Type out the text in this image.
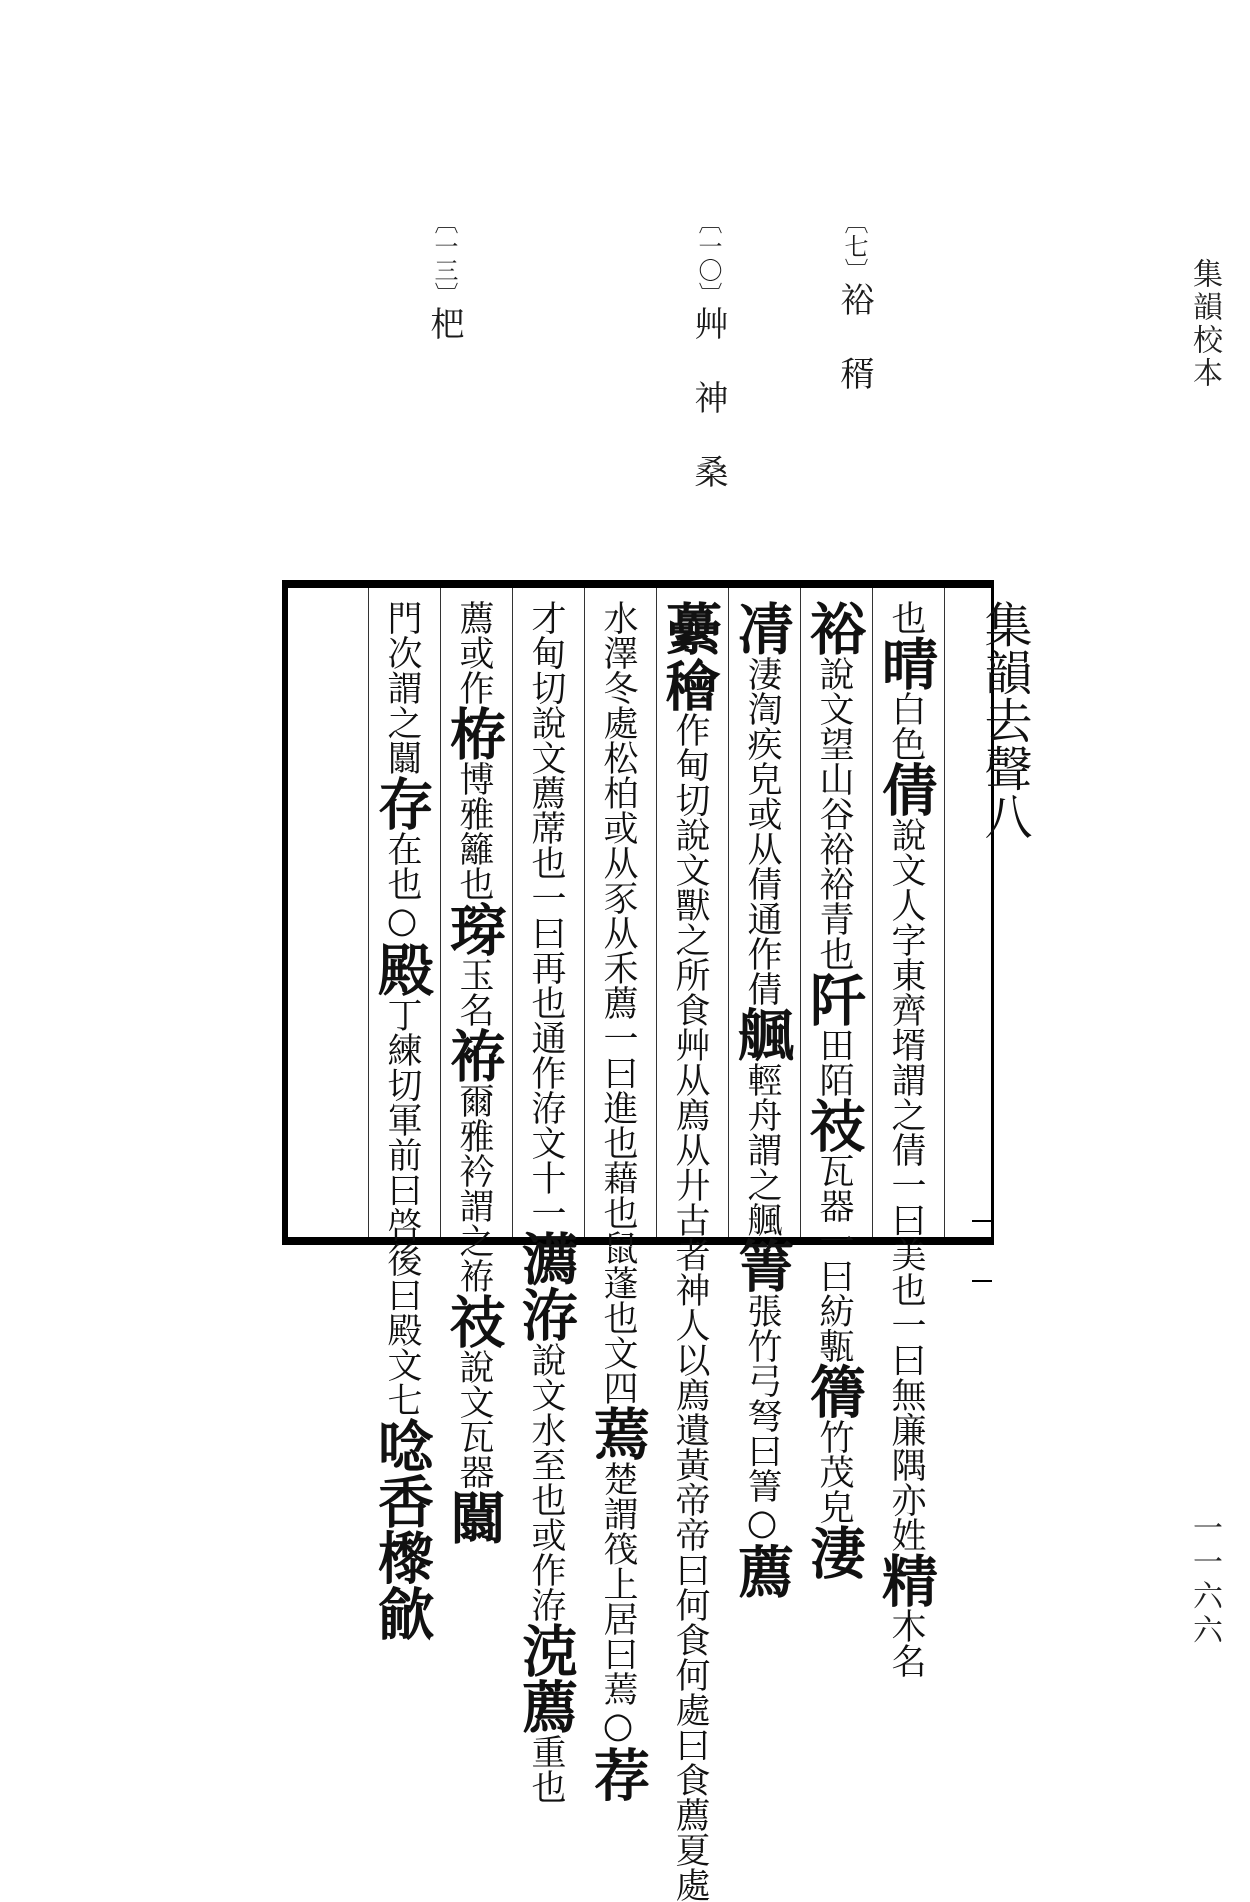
集韻校本
一一六六
〔七〕裕 稰
〔一〇〕艸 神 桑
〔一三〕杷
集韻去聲八
也晴白色倩說文人字東齊壻謂之倩一曰美也一曰無廉隅亦姓精木名
裕說文望山谷裕裕青也阡田陌䃽瓦器一曰紡甎篟竹茂皃淒
凊淒渹疾皃或从倩通作倩䑺輕舟謂之䑺箐張竹弓弩曰箐○薦
虆𥢶作甸切說文獸之所食艸从廌从廾古者神人以廌遺黃帝帝曰何食何處曰食薦夏處
水澤冬處松柏或从豕从禾薦一曰進也藉也鼠蓬也文四蔫楚謂筏上居曰蔫○荐
才甸切說文薦蓆也一曰再也通作洊文十一瀳洊說文水至也或作洊㳳薦重也
薦或作栫博雅籬也瑏玉名袸爾雅衿謂之袸䃽說文瓦器闒
門次謂之闒存在也○殿丁練切軍前曰啓後曰殿文七唸㕿㰀歈
